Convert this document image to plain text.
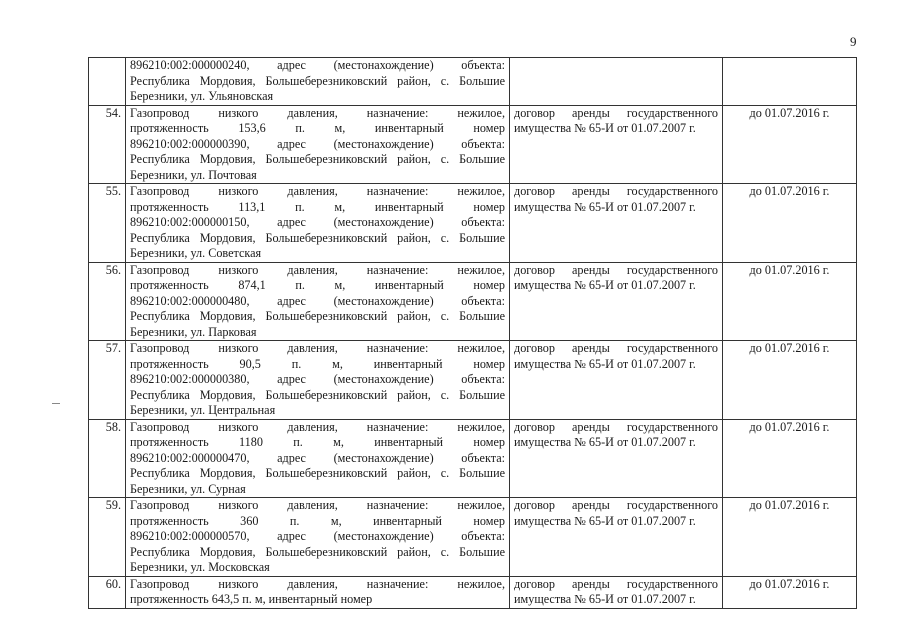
9

	896210:002:000000240, адрес (местонахождение) объекта:
Республика Мордовия, Большеберезниковский район, с. Большие
Березники, ул. Ульяновская		

54.	Газопровод низкого давления, назначение: нежилое,
протяженность 153,6 п. м, инвентарный номер
896210:002:000000390, адрес (местонахождение) объекта:
Республика Мордовия, Большеберезниковский район, с. Большие
Березники, ул. Почтовая	договор аренды государственного
имущества № 65-И от 01.07.2007 г.	до 01.07.2016 г.
55.	Газопровод низкого давления, назначение: нежилое,
протяженность 113,1 п. м, инвентарный номер
896210:002:000000150, адрес (местонахождение) объекта:
Республика Мордовия, Большеберезниковский район, с. Большие
Березники, ул. Советская	договор аренды государственного
имущества № 65-И от 01.07.2007 г.	до 01.07.2016 г.
56.	Газопровод низкого давления, назначение: нежилое,
протяженность 874,1 п. м, инвентарный номер
896210:002:000000480, адрес (местонахождение) объекта:
Республика Мордовия, Большеберезниковский район, с. Большие
Березники, ул. Парковая	договор аренды государственного
имущества № 65-И от 01.07.2007 г.	до 01.07.2016 г.
57.	Газопровод низкого давления, назначение: нежилое,
протяженность 90,5 п. м, инвентарный номер
896210:002:000000380, адрес (местонахождение) объекта:
Республика Мордовия, Большеберезниковский район, с. Большие
Березники, ул. Центральная	договор аренды государственного
имущества № 65-И от 01.07.2007 г.	до 01.07.2016 г.
58.	Газопровод низкого давления, назначение: нежилое,
протяженность 1180 п. м, инвентарный номер
896210:002:000000470, адрес (местонахождение) объекта:
Республика Мордовия, Большеберезниковский район, с. Большие
Березники, ул. Сурная	договор аренды государственного
имущества № 65-И от 01.07.2007 г.	до 01.07.2016 г.
59.	Газопровод низкого давления, назначение: нежилое,
протяженность 360 п. м, инвентарный номер
896210:002:000000570, адрес (местонахождение) объекта:
Республика Мордовия, Большеберезниковский район, с. Большие
Березники, ул. Московская	договор аренды государственного
имущества № 65-И от 01.07.2007 г.	до 01.07.2016 г.
60.	Газопровод низкого давления, назначение: нежилое,
протяженность 643,5 п. м, инвентарный номер	договор аренды государственного
имущества № 65-И от 01.07.2007 г.	до 01.07.2016 г.
